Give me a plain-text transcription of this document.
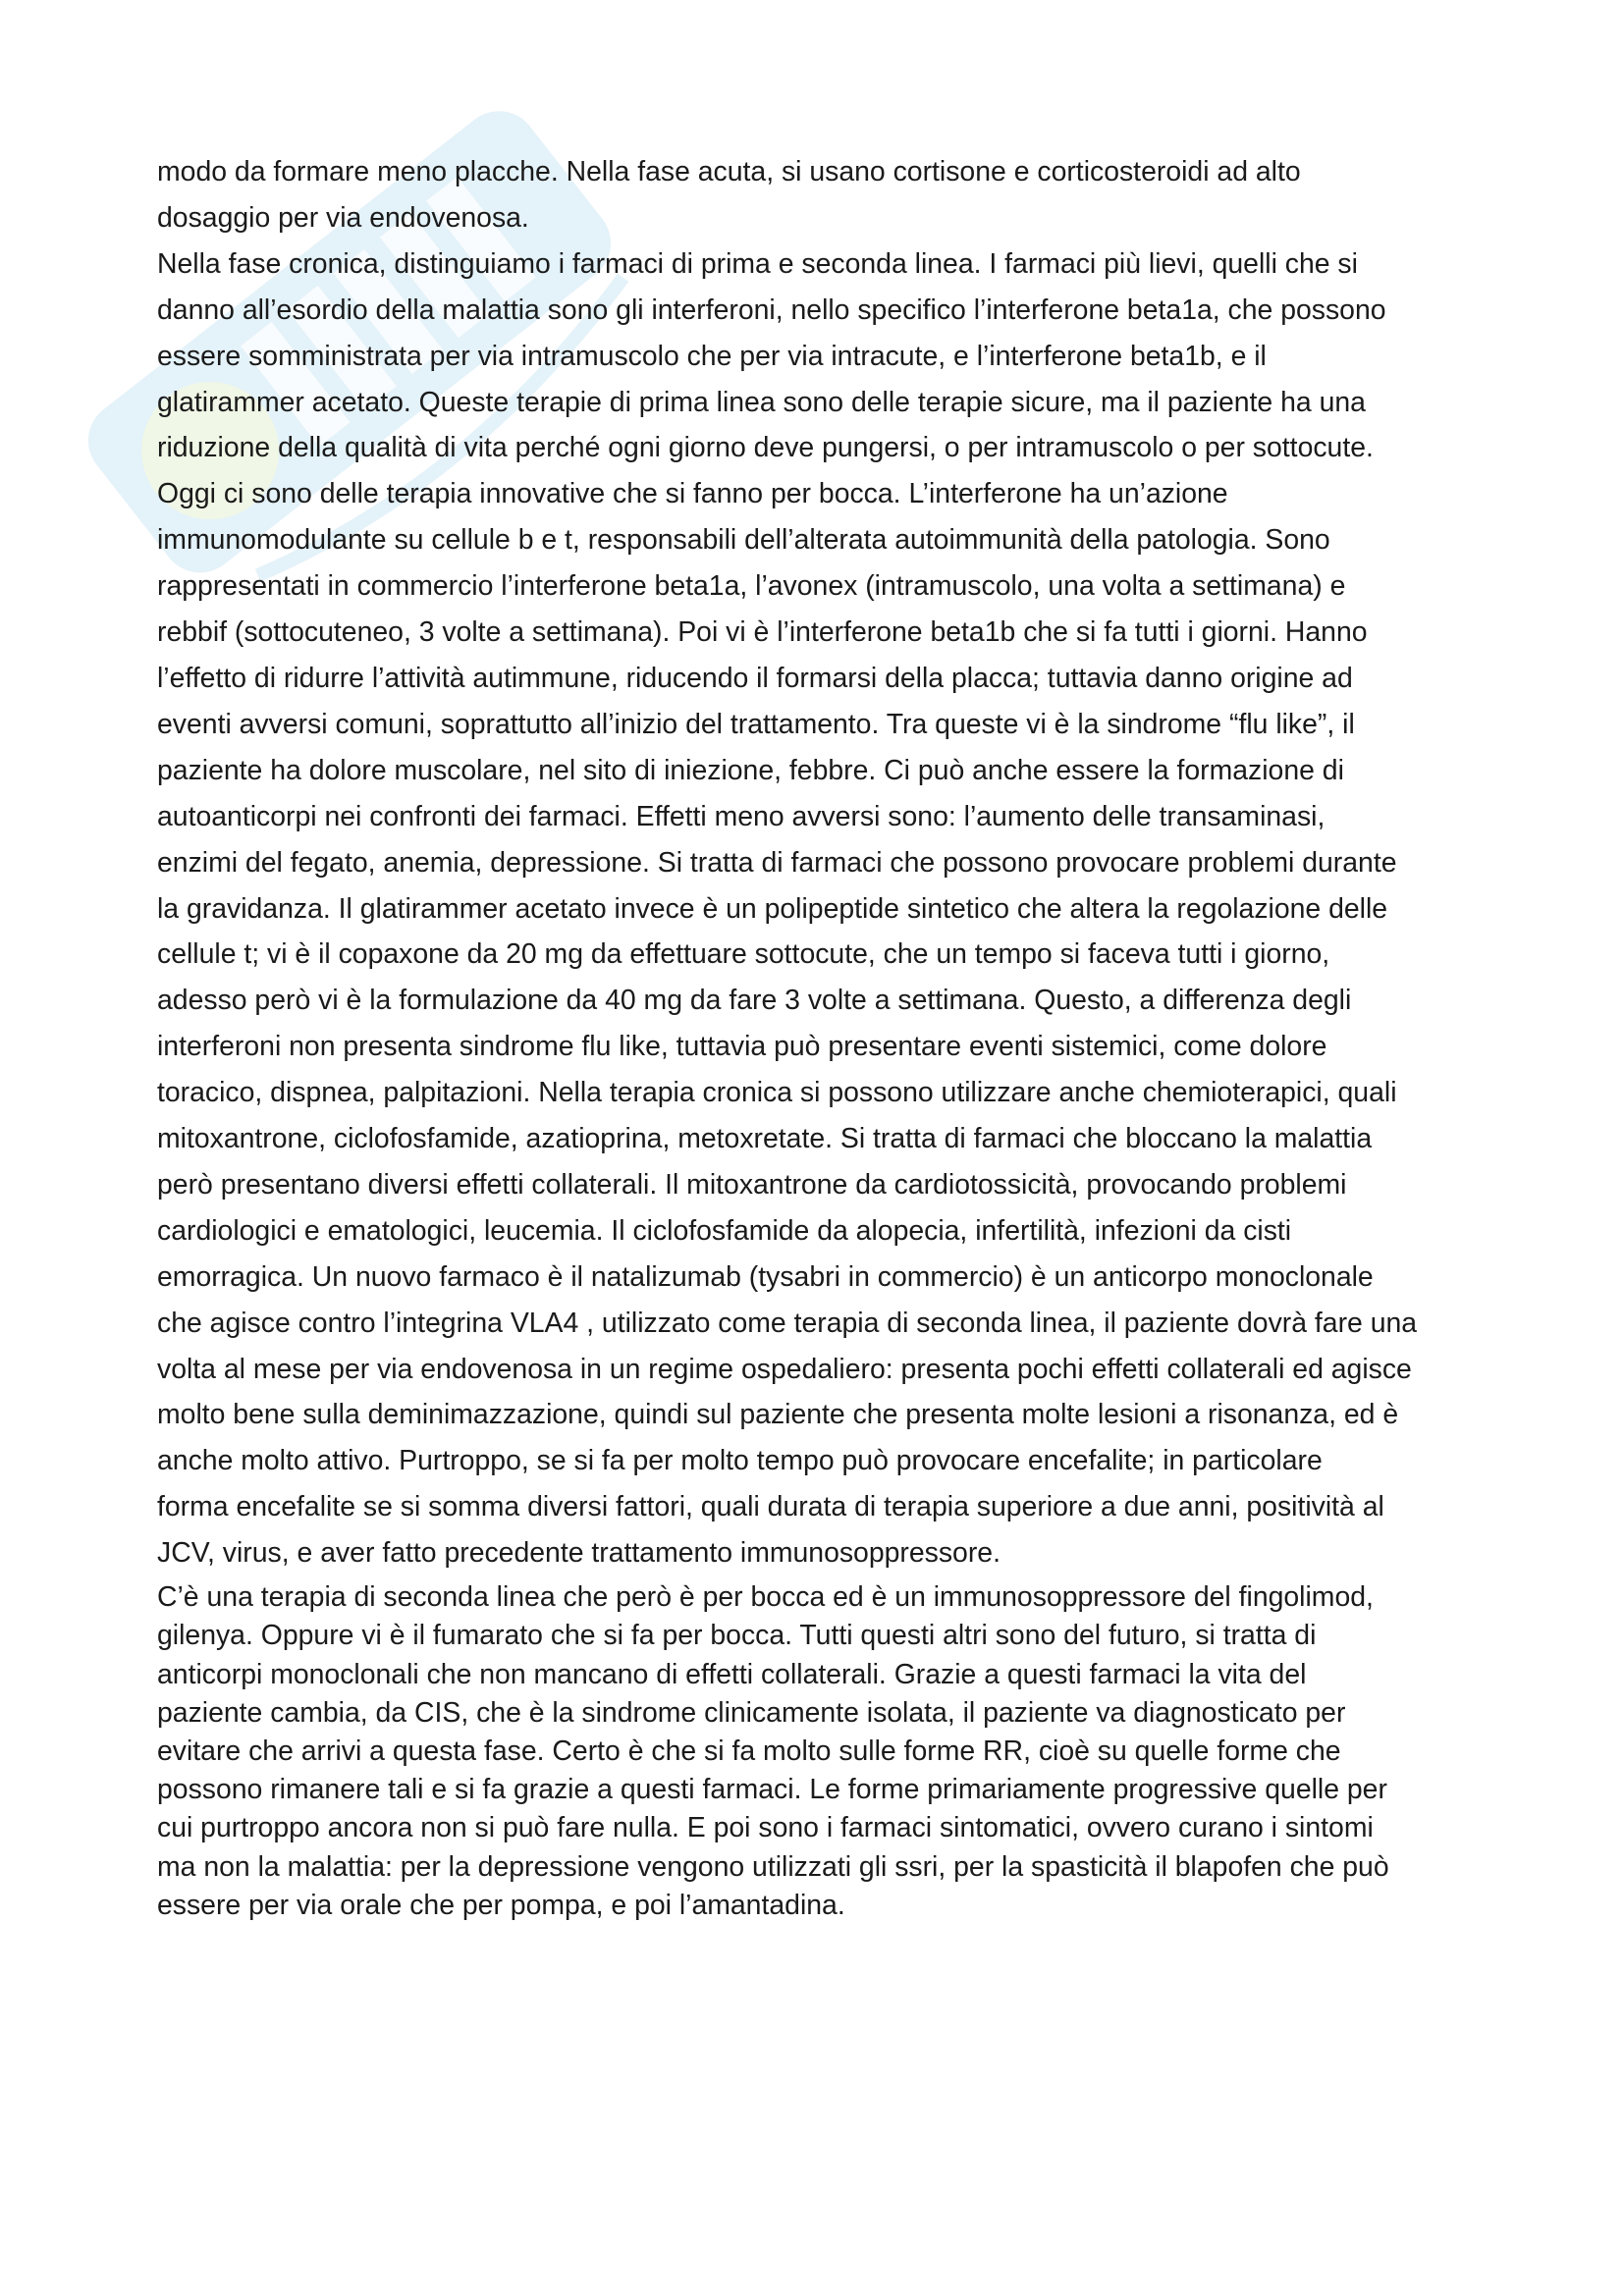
modo da formare meno placche. Nella fase acuta, si usano cortisone e corticosteroidi ad alto
dosaggio per via endovenosa.
Nella fase cronica, distinguiamo i farmaci di prima e seconda linea. I farmaci più lievi, quelli che si
danno all’esordio della malattia sono gli interferoni, nello specifico l’interferone beta1a, che possono
essere somministrata per via intramuscolo che per via intracute, e l’interferone beta1b, e il
glatirammer acetato. Queste terapie di prima linea sono delle terapie sicure, ma il paziente ha una
riduzione della qualità di vita perché ogni giorno deve pungersi, o per intramuscolo o per sottocute.
Oggi ci sono delle terapia innovative che si fanno per bocca. L’interferone ha un’azione
immunomodulante su cellule b e t, responsabili dell’alterata autoimmunità della patologia. Sono
rappresentati in commercio l’interferone beta1a, l’avonex (intramuscolo, una volta a settimana) e
rebbif (sottocuteneo, 3 volte a settimana). Poi vi è l’interferone beta1b che si fa tutti i giorni. Hanno
l’effetto di ridurre l’attività autimmune, riducendo il formarsi della placca; tuttavia danno origine ad
eventi avversi comuni, soprattutto all’inizio del trattamento. Tra queste vi è la sindrome “flu like”, il
paziente ha dolore muscolare, nel sito di iniezione, febbre. Ci può anche essere la formazione di
autoanticorpi nei confronti dei farmaci. Effetti meno avversi sono: l’aumento delle transaminasi,
enzimi del fegato, anemia, depressione. Si tratta di farmaci che possono provocare problemi durante
la gravidanza. Il glatirammer acetato invece è un polipeptide sintetico che altera la regolazione delle
cellule t; vi è il copaxone da 20 mg da effettuare sottocute, che un tempo si faceva tutti i giorno,
adesso però vi è la formulazione da 40 mg da fare 3 volte a settimana. Questo, a differenza degli
interferoni non presenta sindrome flu like, tuttavia può presentare eventi sistemici, come dolore
toracico, dispnea, palpitazioni. Nella terapia cronica si possono utilizzare anche chemioterapici, quali
mitoxantrone, ciclofosfamide, azatioprina, metoxretate. Si tratta di farmaci che bloccano la malattia
però presentano diversi effetti collaterali. Il mitoxantrone da cardiotossicità, provocando problemi
cardiologici e ematologici, leucemia. Il ciclofosfamide da alopecia, infertilità, infezioni da cisti
emorragica. Un nuovo farmaco è il natalizumab (tysabri in commercio) è un anticorpo monoclonale
che agisce contro l’integrina VLA4 , utilizzato come terapia di seconda linea, il paziente dovrà fare una
volta al mese per via endovenosa in un regime ospedaliero: presenta pochi effetti collaterali ed agisce
molto bene sulla deminimazzazione, quindi sul paziente che presenta molte lesioni a risonanza, ed è
anche molto attivo. Purtroppo, se si fa per molto tempo può provocare encefalite; in particolare
forma encefalite se si somma diversi fattori, quali durata di terapia superiore a due anni, positività al
JCV, virus, e aver fatto precedente trattamento immunosoppressore.
C’è una terapia di seconda linea che però è per bocca ed è un immunosoppressore del fingolimod,
gilenya. Oppure vi è il fumarato che si fa per bocca. Tutti questi altri sono del futuro, si tratta di
anticorpi monoclonali che non mancano di effetti collaterali. Grazie a questi farmaci la vita del
paziente cambia, da CIS, che è la sindrome clinicamente isolata, il paziente va diagnosticato per
evitare che arrivi a questa fase. Certo è che si fa molto sulle forme RR, cioè su quelle forme che
possono rimanere tali e si fa grazie a questi farmaci. Le forme primariamente progressive quelle per
cui purtroppo ancora non si può fare nulla. E poi sono i farmaci sintomatici, ovvero curano i sintomi
ma non la malattia: per la depressione vengono utilizzati gli ssri, per la spasticità il blapofen che può
essere per via orale che per pompa, e poi l’amantadina.
